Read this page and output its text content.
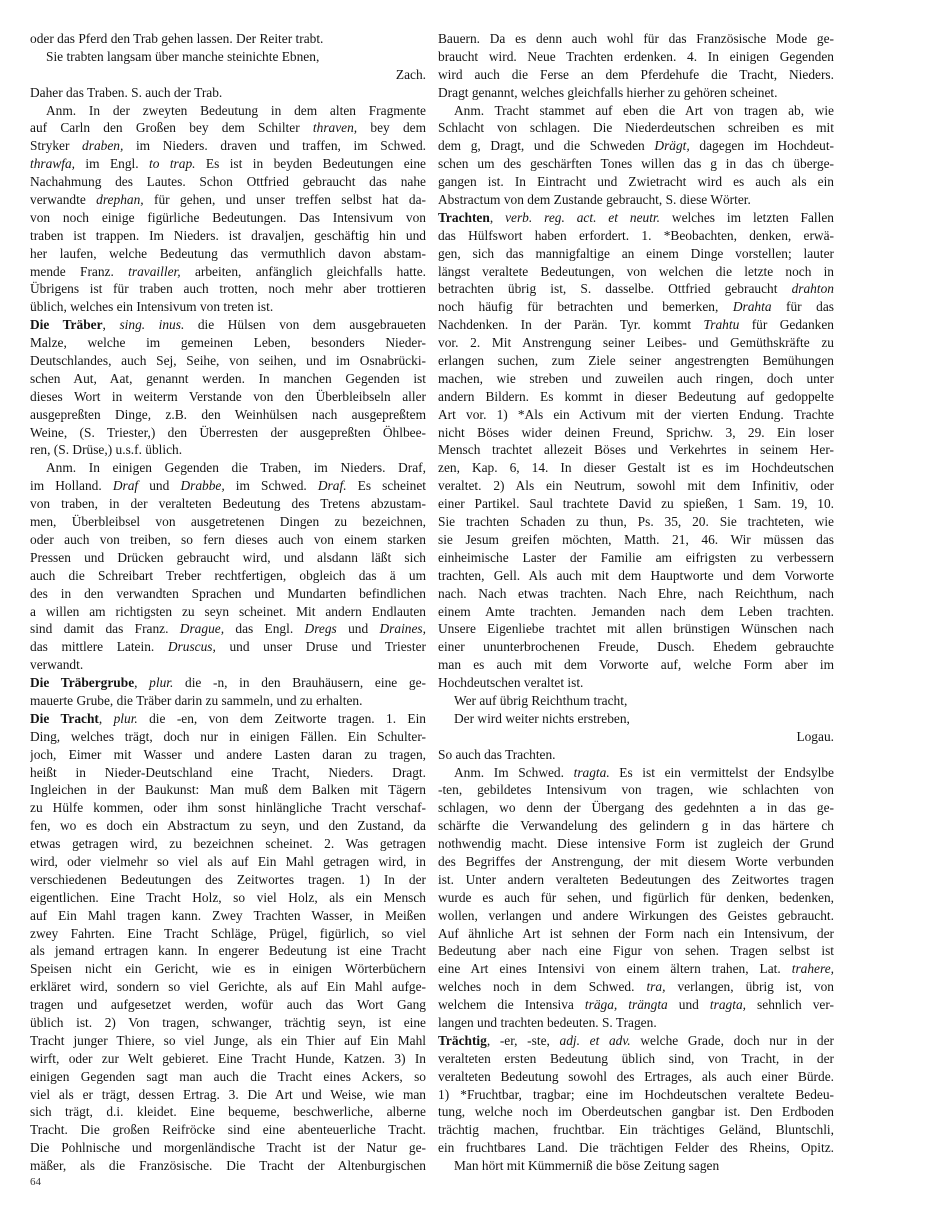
oder das Pferd den Trab gehen lassen. Der Reiter trabt.
Sie trabten langsam über manche steinichte Ebnen,
Zach.
Daher das Traben. S. auch der Trab.
Anm. In der zweyten Bedeutung in dem alten Fragmente
auf Carln den Großen bey dem Schilter thraven, bey dem
Stryker draben, im Nieders. draven und traffen, im Schwed.
thrawfa, im Engl. to trap. Es ist in beyden Bedeutungen eine
Nachahmung des Lautes. Schon Ottfried gebraucht das nahe
verwandte drephan, für gehen, und unser treffen selbst hat da-
von noch einige figürliche Bedeutungen. Das Intensivum von
traben ist trappen. Im Nieders. ist dravaljen, geschäftig hin und
her laufen, welche Bedeutung das vermuthlich davon abstam-
mende Franz. travailler, arbeiten, anfänglich gleichfalls hatte.
Übrigens ist für traben auch trotten, noch mehr aber trottieren
üblich, welches ein Intensivum von treten ist.
Die Träber, sing. inus. die Hülsen von dem ausgebraueten
Malze, welche im gemeinen Leben, besonders Nieder-
Deutschlandes, auch Sej, Seihe, von seihen, und im Osnabrücki-
schen Aut, Aat, genannt werden. In manchen Gegenden ist
dieses Wort in weiterm Verstande von den Überbleibseln aller
ausgepreßten Dinge, z.B. den Weinhülsen nach ausgepreßtem
Weine, (S. Triester,) den Überresten der ausgepreßten Öhlbee-
ren, (S. Drüse,) u.s.f. üblich.
Anm. In einigen Gegenden die Traben, im Nieders. Draf,
im Holland. Draf und Drabbe, im Schwed. Draf. Es scheinet
von traben, in der veralteten Bedeutung des Tretens abzustam-
men, Überbleibsel von ausgetretenen Dingen zu bezeichnen,
oder auch von treiben, so fern dieses auch von einem starken
Pressen und Drücken gebraucht wird, und alsdann läßt sich
auch die Schreibart Treber rechtfertigen, obgleich das ä um
des in den verwandten Sprachen und Mundarten befindlichen
a willen am richtigsten zu seyn scheinet. Mit andern Endlauten
sind damit das Franz. Drague, das Engl. Dregs und Draines,
das mittlere Latein. Druscus, und unser Druse und Triester
verwandt.
Die Träbergrube, plur. die -n, in den Brauhäusern, eine ge-
mauerte Grube, die Träber darin zu sammeln, und zu erhalten.
Die Tracht, plur. die -en, von dem Zeitworte tragen. 1. Ein
Ding, welches trägt, doch nur in einigen Fällen. Ein Schulter-
joch, Eimer mit Wasser und andere Lasten daran zu tragen,
heißt in Nieder-Deutschland eine Tracht, Nieders. Dragt.
Ingleichen in der Baukunst: Man muß dem Balken mit Tägern
zu Hülfe kommen, oder ihm sonst hinlängliche Tracht verschaf-
fen, wo es doch ein Abstractum zu seyn, und den Zustand, da
etwas getragen wird, zu bezeichnen scheinet. 2. Was getragen
wird, oder vielmehr so viel als auf Ein Mahl getragen wird, in
verschiedenen Bedeutungen des Zeitwortes tragen. 1) In der
eigentlichen. Eine Tracht Holz, so viel Holz, als ein Mensch
auf Ein Mahl tragen kann. Zwey Trachten Wasser, in Meißen
zwey Fahrten. Eine Tracht Schläge, Prügel, figürlich, so viel
als jemand ertragen kann. In engerer Bedeutung ist eine Tracht
Speisen nicht ein Gericht, wie es in einigen Wörterbüchern
erkläret wird, sondern so viel Gerichte, als auf Ein Mahl aufge-
tragen und aufgesetzet werden, wofür auch das Wort Gang
üblich ist. 2) Von tragen, schwanger, trächtig seyn, ist eine
Tracht junger Thiere, so viel Junge, als ein Thier auf Ein Mahl
wirft, oder zur Welt gebieret. Eine Tracht Hunde, Katzen. 3) In
einigen Gegenden sagt man auch die Tracht eines Ackers, so
viel als er trägt, dessen Ertrag. 3. Die Art und Weise, wie man
sich trägt, d.i. kleidet. Eine bequeme, beschwerliche, alberne
Tracht. Die großen Reifröcke sind eine abenteuerliche Tracht.
Die Pohlnische und morgenländische Tracht ist der Natur ge-
mäßer, als die Französische. Die Tracht der Altenburgischen
Bauern. Da es denn auch wohl für das Französische Mode ge-
braucht wird. Neue Trachten erdenken. 4. In einigen Gegenden
wird auch die Ferse an dem Pferdehufe die Tracht, Nieders.
Dragt genannt, welches gleichfalls hierher zu gehören scheinet.
Anm. Tracht stammet auf eben die Art von tragen ab, wie
Schlacht von schlagen. Die Niederdeutschen schreiben es mit
dem g, Dragt, und die Schweden Drägt, dagegen im Hochdeut-
schen um des geschärften Tones willen das g in das ch überge-
gangen ist. In Eintracht und Zwietracht wird es auch als ein
Abstractum von dem Zustande gebraucht, S. diese Wörter.
Trachten, verb. reg. act. et neutr. welches im letzten Fallen
das Hülfswort haben erfordert. 1. *Beobachten, denken, erwä-
gen, sich das mannigfaltige an einem Dinge vorstellen; lauter
längst veraltete Bedeutungen, von welchen die letzte noch in
betrachten übrig ist, S. dasselbe. Ottfried gebraucht drahton
noch häufig für betrachten und bemerken, Drahta für das
Nachdenken. In der Parän. Tyr. kommt Trahtu für Gedanken
vor. 2. Mit Anstrengung seiner Leibes- und Gemüthskräfte zu
erlangen suchen, zum Ziele seiner angestrengten Bemühungen
machen, wie streben und zuweilen auch ringen, doch unter
andern Bildern. Es kommt in dieser Bedeutung auf gedoppelte
Art vor. 1) *Als ein Activum mit der vierten Endung. Trachte
nicht Böses wider deinen Freund, Sprichw. 3, 29. Ein loser
Mensch trachtet allezeit Böses und Verkehrtes in seinem Her-
zen, Kap. 6, 14. In dieser Gestalt ist es im Hochdeutschen
veraltet. 2) Als ein Neutrum, sowohl mit dem Infinitiv, oder
einer Partikel. Saul trachtete David zu spießen, 1 Sam. 19, 10.
Sie trachten Schaden zu thun, Ps. 35, 20. Sie trachteten, wie
sie Jesum greifen möchten, Matth. 21, 46. Wir müssen das
einheimische Laster der Familie am eifrigsten zu verbessern
trachten, Gell. Als auch mit dem Hauptworte und dem Vorworte
nach. Nach etwas trachten. Nach Ehre, nach Reichthum, nach
einem Amte trachten. Jemanden nach dem Leben trachten.
Unsere Eigenliebe trachtet mit allen brünstigen Wünschen nach
einer ununterbrochenen Freude, Dusch. Ehedem gebrauchte
man es auch mit dem Vorworte auf, welche Form aber im
Hochdeutschen veraltet ist.
Wer auf übrig Reichthum tracht,
Der wird weiter nichts erstreben,
Logau.
So auch das Trachten.
Anm. Im Schwed. tragta. Es ist ein vermittelst der Endsylbe
-ten, gebildetes Intensivum von tragen, wie schlachten von
schlagen, wo denn der Übergang des gedehnten a in das ge-
schärfte die Verwandelung des gelindern g in das härtere ch
nothwendig macht. Diese intensive Form ist zugleich der Grund
des Begriffes der Anstrengung, der mit diesem Worte verbunden
ist. Unter andern veralteten Bedeutungen des Zeitwortes tragen
wurde es auch für sehen, und figürlich für denken, bedenken,
wollen, verlangen und andere Wirkungen des Geistes gebraucht.
Auf ähnliche Art ist sehnen der Form nach ein Intensivum, der
Bedeutung aber nach eine Figur von sehen. Tragen selbst ist
eine Art eines Intensivi von einem ältern trahen, Lat. trahere,
welches noch in dem Schwed. tra, verlangen, übrig ist, von
welchem die Intensiva träga, trängta und tragta, sehnlich ver-
langen und trachten bedeuten. S. Tragen.
Trächtig, -er, -ste, adj. et adv. welche Grade, doch nur in der
veralteten ersten Bedeutung üblich sind, von Tracht, in der
veralteten Bedeutung sowohl des Ertrages, als auch einer Bürde.
1) *Fruchtbar, tragbar; eine im Hochdeutschen veraltete Bedeu-
tung, welche noch im Oberdeutschen gangbar ist. Den Erdboden
trächtig machen, fruchtbar. Ein trächtiges Geländ, Bluntschli,
ein fruchtbares Land. Die trächtigen Felder des Rheins, Opitz.
Man hört mit Kümmerniß die böse Zeitung sagen
64
